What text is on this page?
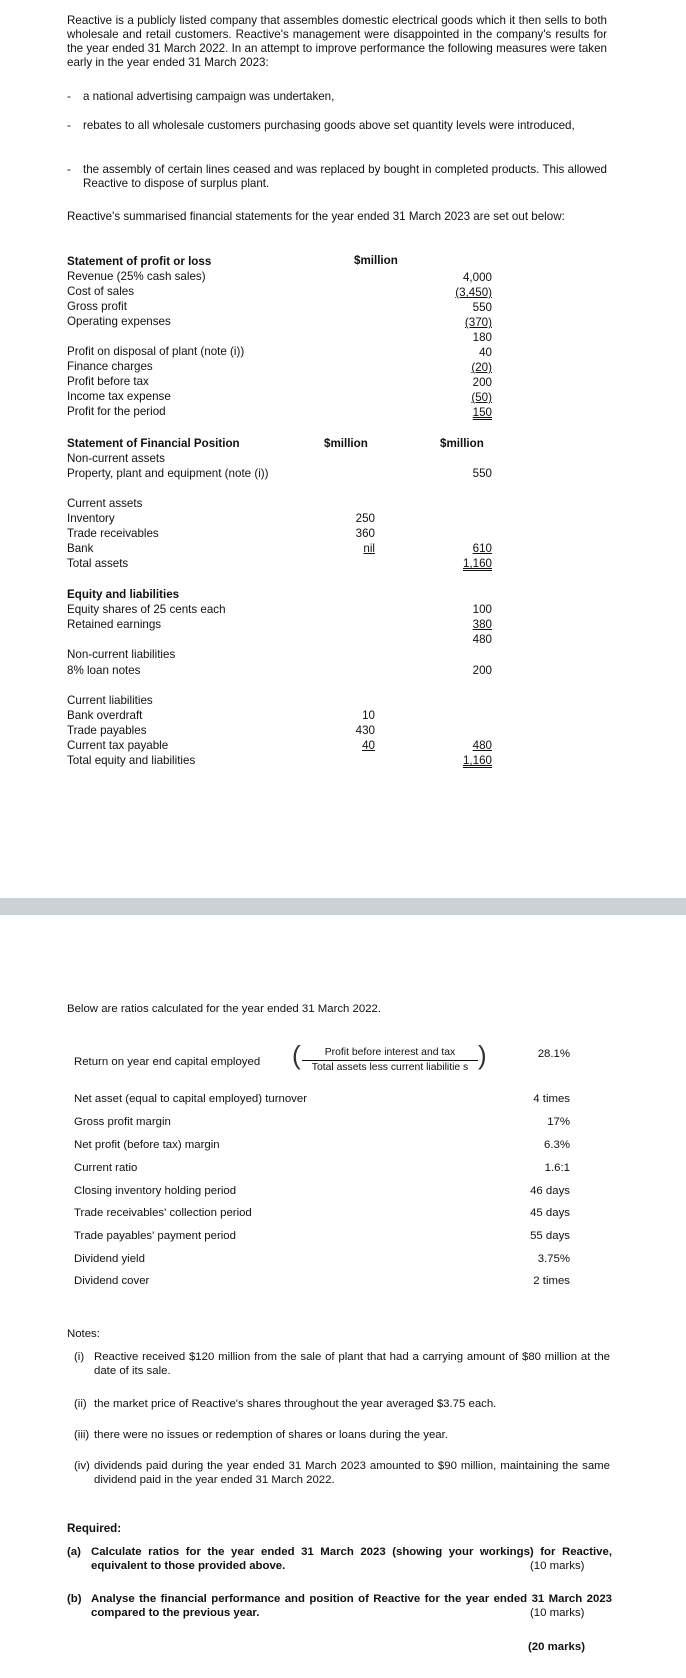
Reactive is a publicly listed company that assembles domestic electrical goods which it then sells to both wholesale and retail customers. Reactive's management were disappointed in the company's results for the year ended 31 March 2022. In an attempt to improve performance the following measures were taken early in the year ended 31 March 2023:
- a national advertising campaign was undertaken,
- rebates to all wholesale customers purchasing goods above set quantity levels were introduced,
- the assembly of certain lines ceased and was replaced by bought in completed products. This allowed Reactive to dispose of surplus plant.
Reactive's summarised financial statements for the year ended 31 March 2023 are set out below:
Statement of profit or loss	$million
Revenue (25% cash sales)	4,000
Cost of sales	(3,450)
Gross profit	550
Operating expenses	(370)
180
Profit on disposal of plant (note (i))	40
Finance charges	(20)
Profit before tax	200
Income tax expense	(50)
Profit for the period	150
Statement of Financial Position	$million	$million
Non-current assets
Property, plant and equipment (note (i))	550
Current assets
Inventory	250
Trade receivables	360
Bank	nil	610
Total assets	1,160
Equity and liabilities
Equity shares of 25 cents each	100
Retained earnings	380
480
Non-current liabilities
8% loan notes	200
Current liabilities
Bank overdraft	10
Trade payables	430
Current tax payable	40	480
Total equity and liabilities	1,160
Below are ratios calculated for the year ended 31 March 2022.
Return on year end capital employed (	Profit before interest and tax
Total assets less current liabilitie s )	28.1%
Net asset (equal to capital employed) turnover	4 times
Gross profit margin	17%
Net profit (before tax) margin	6.3%
Current ratio	1.6:1
Closing inventory holding period	46 days
Trade receivables' collection period	45 days
Trade payables' payment period	55 days
Dividend yield	3.75%
Dividend cover	2 times
Notes:
(i) Reactive received $120 million from the sale of plant that had a carrying amount of $80 million at the date of its sale.
(ii) the market price of Reactive's shares throughout the year averaged $3.75 each.
(iii) there were no issues or redemption of shares or loans during the year.
(iv) dividends paid during the year ended 31 March 2023 amounted to $90 million, maintaining the same dividend paid in the year ended 31 March 2022.
Required:
(a) Calculate ratios for the year ended 31 March 2023 (showing your workings) for Reactive, equivalent to those provided above.	(10 marks)
(b) Analyse the financial performance and position of Reactive for the year ended 31 March 2023 compared to the previous year.	(10 marks)
(20 marks)
